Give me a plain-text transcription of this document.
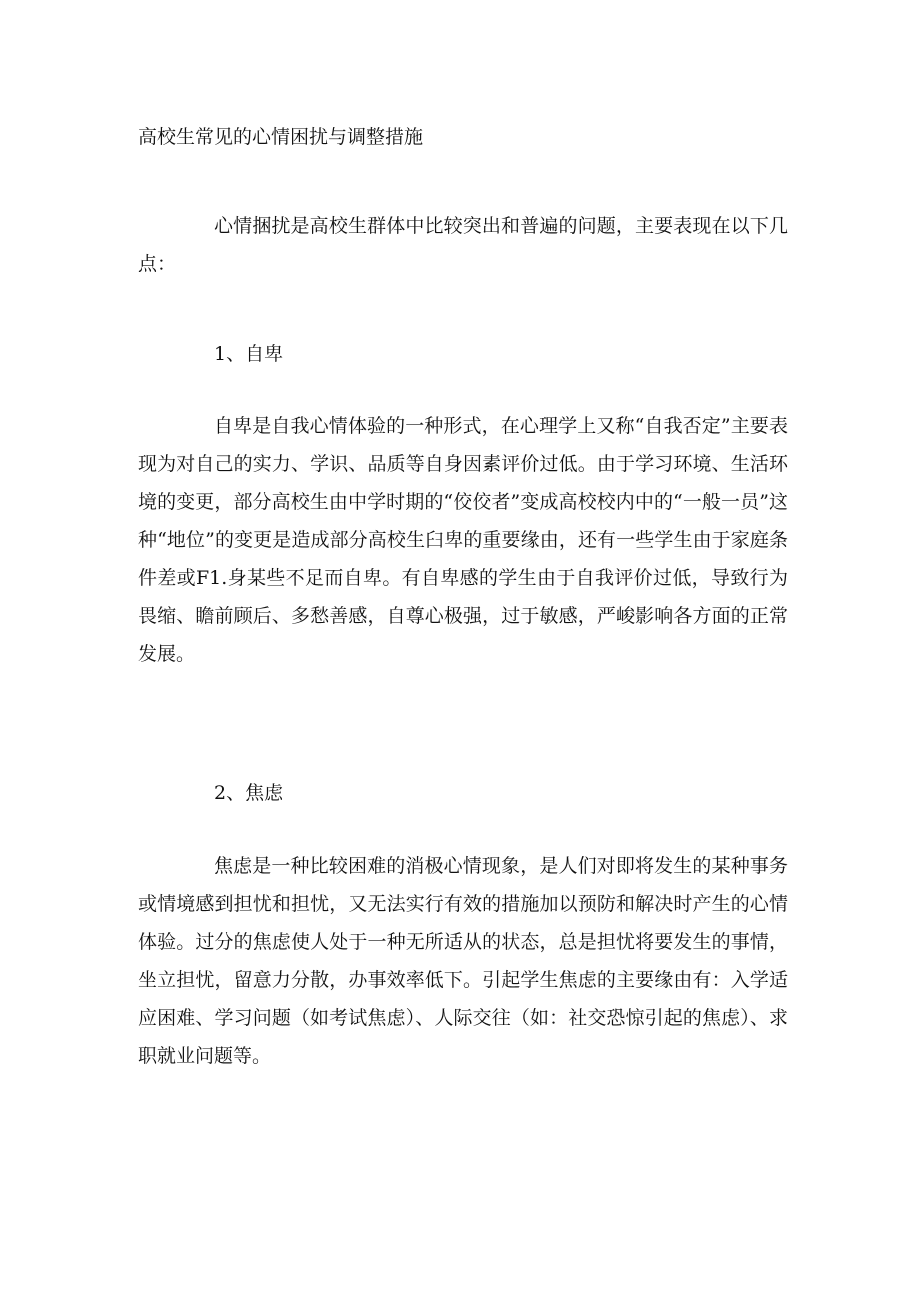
高校生常见的心情困扰与调整措施

心情捆扰是高校生群体中比较突出和普遍的问题，主要表现在以下几点：

1、自卑

自卑是自我心情体验的一种形式，在心理学上又称“自我否定”主要表现为对自己的实力、学识、品质等自身因素评价过低。由于学习环境、生活环境的变更，部分高校生由中学时期的“佼佼者”变成高校校内中的“一般一员”这种“地位”的变更是造成部分高校生臼卑的重要缘由，还有一些学生由于家庭条件差或F1.身某些不足而自卑。有自卑感的学生由于自我评价过低，导致行为畏缩、瞻前顾后、多愁善感，自尊心极强，过于敏感，严峻影响各方面的正常发展。

2、焦虑

焦虑是一种比较困难的消极心情现象，是人们对即将发生的某种事务或情境感到担忧和担忧，又无法实行有效的措施加以预防和解决时产生的心情体验。过分的焦虑使人处于一种无所适从的状态，总是担忧将要发生的事情，坐立担忧，留意力分散，办事效率低下。引起学生焦虑的主要缘由有：入学适应困难、学习问题（如考试焦虑）、人际交往（如：社交恐惊引起的焦虑）、求职就业问题等。
